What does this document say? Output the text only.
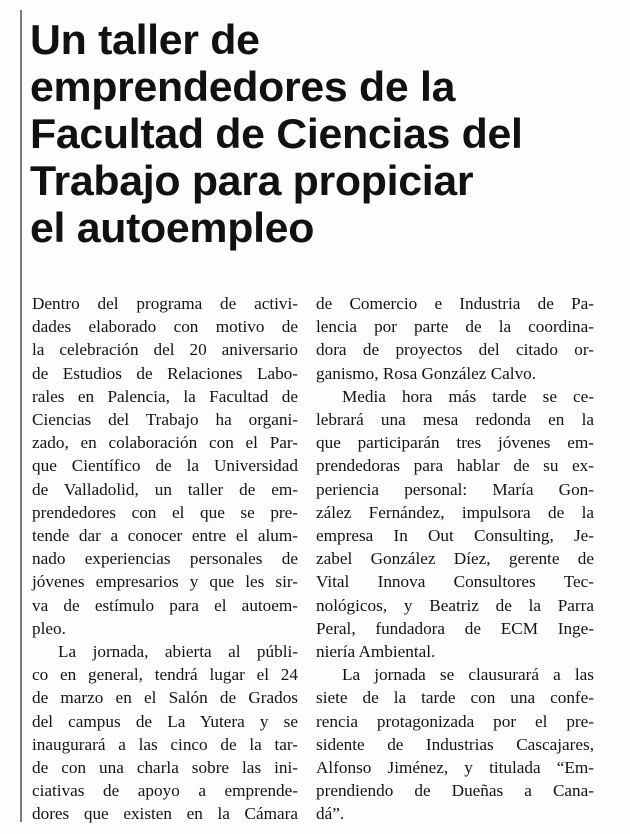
Un taller de
emprendedores de la
Facultad de Ciencias del
Trabajo para propiciar
el autoempleo
Dentro del programa de activi-
dades elaborado con motivo de
la celebración del 20 aniversario
de Estudios de Relaciones Labo-
rales en Palencia, la Facultad de
Ciencias del Trabajo ha organi-
zado, en colaboración con el Par-
que Científico de la Universidad
de Valladolid, un taller de em-
prendedores con el que se pre-
tende dar a conocer entre el alum-
nado experiencias personales de
jóvenes empresarios y que les sir-
va de estímulo para el autoem-
pleo.
La jornada, abierta al públi-
co en general, tendrá lugar el 24
de marzo en el Salón de Grados
del campus de La Yutera y se
inaugurará a las cinco de la tar-
de con una charla sobre las ini-
ciativas de apoyo a emprende-
dores que existen en la Cámara
de Comercio e Industria de Pa-
lencia por parte de la coordina-
dora de proyectos del citado or-
ganismo, Rosa González Calvo.
Media hora más tarde se ce-
lebrará una mesa redonda en la
que participarán tres jóvenes em-
prendedoras para hablar de su ex-
periencia personal: María Gon-
zález Fernández, impulsora de la
empresa In Out Consulting, Je-
zabel González Díez, gerente de
Vital Innova Consultores Tec-
nológicos, y Beatriz de la Parra
Peral, fundadora de ECM Inge-
niería Ambiental.
La jornada se clausurará a las
siete de la tarde con una confe-
rencia protagonizada por el pre-
sidente de Industrias Cascajares,
Alfonso Jiménez, y titulada “Em-
prendiendo de Dueñas a Cana-
dá”.
